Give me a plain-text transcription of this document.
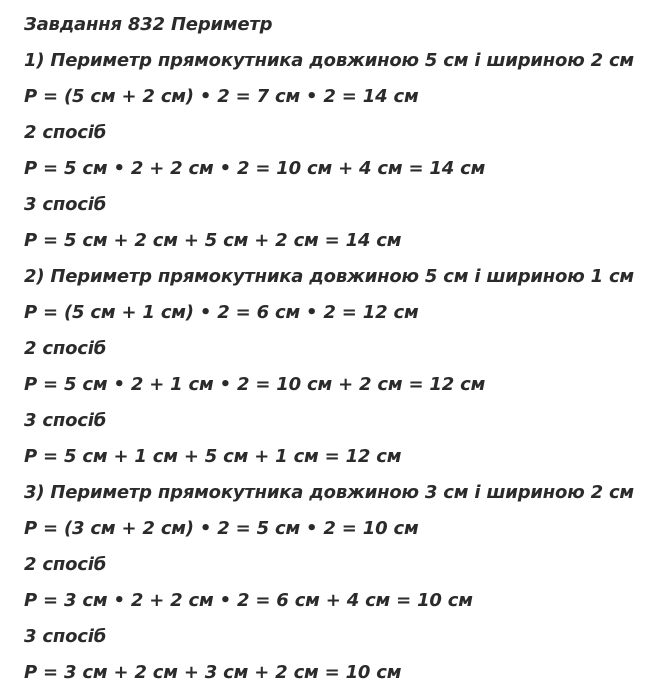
Завдання 832 Периметр
1) Периметр прямокутника довжиною 5 см і шириною 2 см
P = (5 см + 2 см) • 2 = 7 см • 2 = 14 см
2 спосіб
P = 5 см • 2 + 2 см • 2 = 10 см + 4 см = 14 см
3 спосіб
P = 5 см + 2 см + 5 см + 2 см = 14 см
2) Периметр прямокутника довжиною 5 см і шириною 1 см
P = (5 см + 1 см) • 2 = 6 см • 2 = 12 см
2 спосіб
P = 5 см • 2 + 1 см • 2 = 10 см + 2 см = 12 см
3 спосіб
P = 5 см + 1 см + 5 см + 1 см = 12 см
3) Периметр прямокутника довжиною 3 см і шириною 2 см
P = (3 см + 2 см) • 2 = 5 см • 2 = 10 см
2 спосіб
P = 3 см • 2 + 2 см • 2 = 6 см + 4 см = 10 см
3 спосіб
P = 3 см + 2 см + 3 см + 2 см = 10 см
